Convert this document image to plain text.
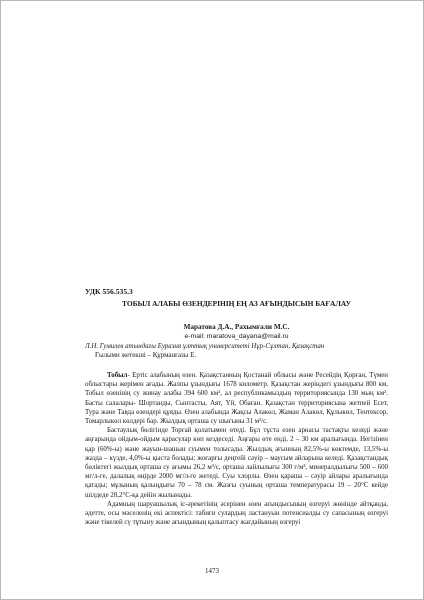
УДК 556.535.3

ТОБЫЛ АЛАБЫ ӨЗЕНДЕРІНІҢ ЕҢ АЗ АҒЫНДЫСЫН БАҒАЛАУ

Маратова Д.А., Рахымғали М.С.

e-mail: maratova_dayana@mail.ru

Л.Н. Гумилев атындағы Еуразия ұлттық университеті Нұр-Сұлтан, Қазақстан

Ғылыми жетекші – Құрманғазы Е.

Тобыл- Ертіс алабының өзен. Қазақстанның Қостанай облысы және Ресейдің Қорған, Түмен облыстары жерімен ағады. Жалпы ұзындығы 1678 километр. Қазақстан жеріндегі ұзындығы 800 км, Тобыл өзенінің су жинау алабы 394 600 км², ал республикамыздың территориясында 130 мың км². Басты салалары- Шортанды, Сынтасты, Аят, Үй, Обаған. Қазақстан территориясына жетпей Есет, Тура және Тавда өзендері құяды. Өзен алабында Жақсы Алакөл, Жаман Алакөл, Құлыкөл, Тентексор, Томарлыкөл көлдері бар. Жылдық орташа су шығыны 31 м³/с.

Бастаулық бөлігінде Торғай қолатымен өтеді. Бұл тұста өзен арнасы тастақты келеді және аңғарында ойдым-ойдым қарасулар көп кездеседі. Аңғары өте енді, 2 – 30 км аралығында. Негізінен қар (60%-ы) және жауын-шашын суымен толысады. Жылдық ағынның 82,5%-ы көктемде, 13,5%-ы жазда – күзде, 4,0%-ы қыста болады; жоғарғы деңгейі сәуір – маусым айларына келеді. Қазақстандық бөліктегі жылдық орташа су ағымы 26,2 м³/с, орташа лайлылығы 300 г/м³, минералдылығы 500 – 600 мг/л-ге, далалық өңірде 2000 мг/л-ге жетеді. Суы хлорлы. Өзен қараша – сәуір айлары аралығында қатады; мұзының қалыңдығы 70 – 78 см. Жазғы суының орташа температурасы 19 – 20°С кейде шілдеде 28,2°С-қа дейін жылынады.

Адамның шаруашылық іс-әрекетінің әсерінен өзен ағындысының өзгеруі жөнінде айтқанда, әдетте, осы мәселенің екі аспектісі: табиғи сулардың ластануын потенсиалды су сапасының өзгеруі және тікелей сү тұтыну және ағындының қалыптасу жағдайының өзгеруі

1473
